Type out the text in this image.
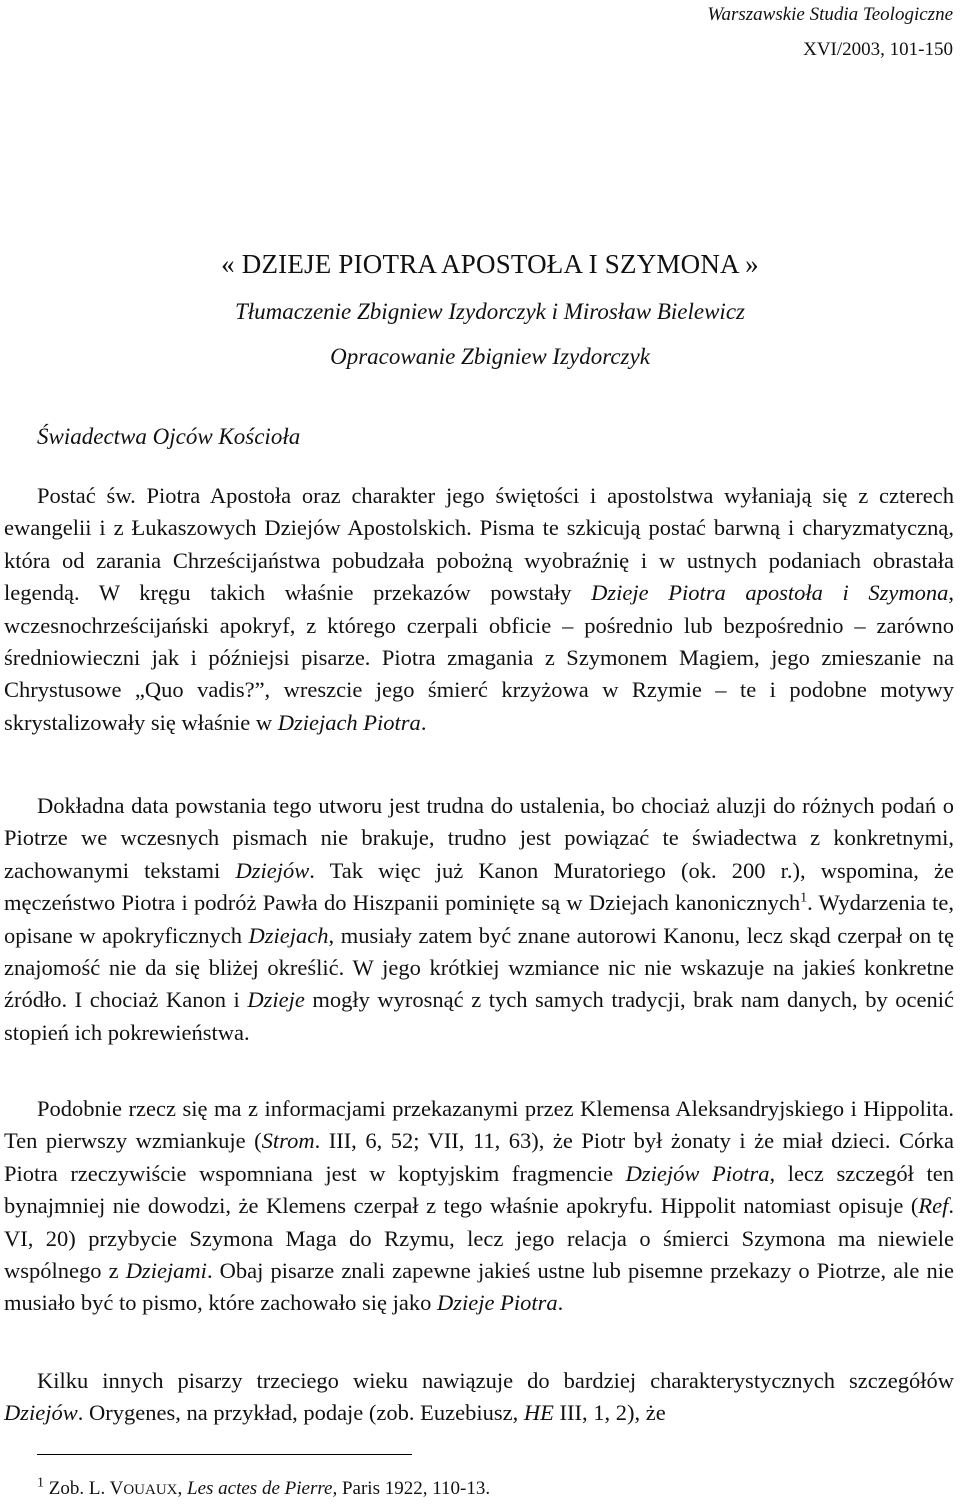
Warszawskie Studia Teologiczne
XVI/2003, 101-150
« DZIEJE PIOTRA APOSTOŁA I SZYMONA »
Tłumaczenie Zbigniew Izydorczyk i Mirosław Bielewicz
Opracowanie Zbigniew Izydorczyk
Świadectwa Ojców Kościoła

Postać św. Piotra Apostoła oraz charakter jego świętości i apostolstwa wyłaniają się z czterech ewangelii i z Łukaszowych Dziejów Apostolskich. Pisma te szkicują postać barwną i charyzmatyczną, która od zarania Chrześcijaństwa pobudzała pobożną wyobraźnię i w ustnych podaniach obrastała legendą. W kręgu takich właśnie przekazów powstały Dzieje Piotra apostoła i Szymona, wczesnochrześcijański apokryf, z którego czerpali obficie – pośrednio lub bezpośrednio – zarówno średniowieczni jak i późniejsi pisarze. Piotra zmagania z Szymonem Magiem, jego zmieszanie na Chrystusowe „Quo vadis?”, wreszcie jego śmierć krzyżowa w Rzymie – te i podobne motywy skrystalizowały się właśnie w Dziejach Piotra.

Dokładna data powstania tego utworu jest trudna do ustalenia, bo chociaż aluzji do różnych podań o Piotrze we wczesnych pismach nie brakuje, trudno jest powiązać te świadectwa z konkretnymi, zachowanymi tekstami Dziejów. Tak więc już Kanon Muratoriego (ok. 200 r.), wspomina, że męczeństwo Piotra i podróż Pawła do Hiszpanii pominięte są w Dziejach kanonicznych$^1$. Wydarzenia te, opisane w apokryficznych Dziejach, musiały zatem być znane autorowi Kanonu, lecz skąd czerpał on tę znajomość nie da się bliżej określić. W jego krótkiej wzmiance nic nie wskazuje na jakieś konkretne źródło. I chociaż Kanon i Dzieje mogły wyrosnąć z tych samych tradycji, brak nam danych, by ocenić stopień ich pokrewieństwa.

Podobnie rzecz się ma z informacjami przekazanymi przez Klemensa Aleksandryjskiego i Hippolita. Ten pierwszy wzmiankuje (Strom. III, 6, 52; VII, 11, 63), że Piotr był żonaty i że miał dzieci. Córka Piotra rzeczywiście wspomniana jest w koptyjskim fragmencie Dziejów Piotra, lecz szczegół ten bynajmniej nie dowodzi, że Klemens czerpał z tego właśnie apokryfu. Hippolit natomiast opisuje (Ref. VI, 20) przybycie Szymona Maga do Rzymu, lecz jego relacja o śmierci Szymona ma niewiele wspólnego z Dziejami. Obaj pisarze znali zapewne jakieś ustne lub pisemne przekazy o Piotrze, ale nie musiało być to pismo, które zachowało się jako Dzieje Piotra.

Kilku innych pisarzy trzeciego wieku nawiązuje do bardziej charakterystycznych szczegółów Dziejów. Orygenes, na przykład, podaje (zob. Euzebiusz, HE III, 1, 2), że

$^1$ Zob. L. VOUAUX, Les actes de Pierre, Paris 1922, 110-13.
